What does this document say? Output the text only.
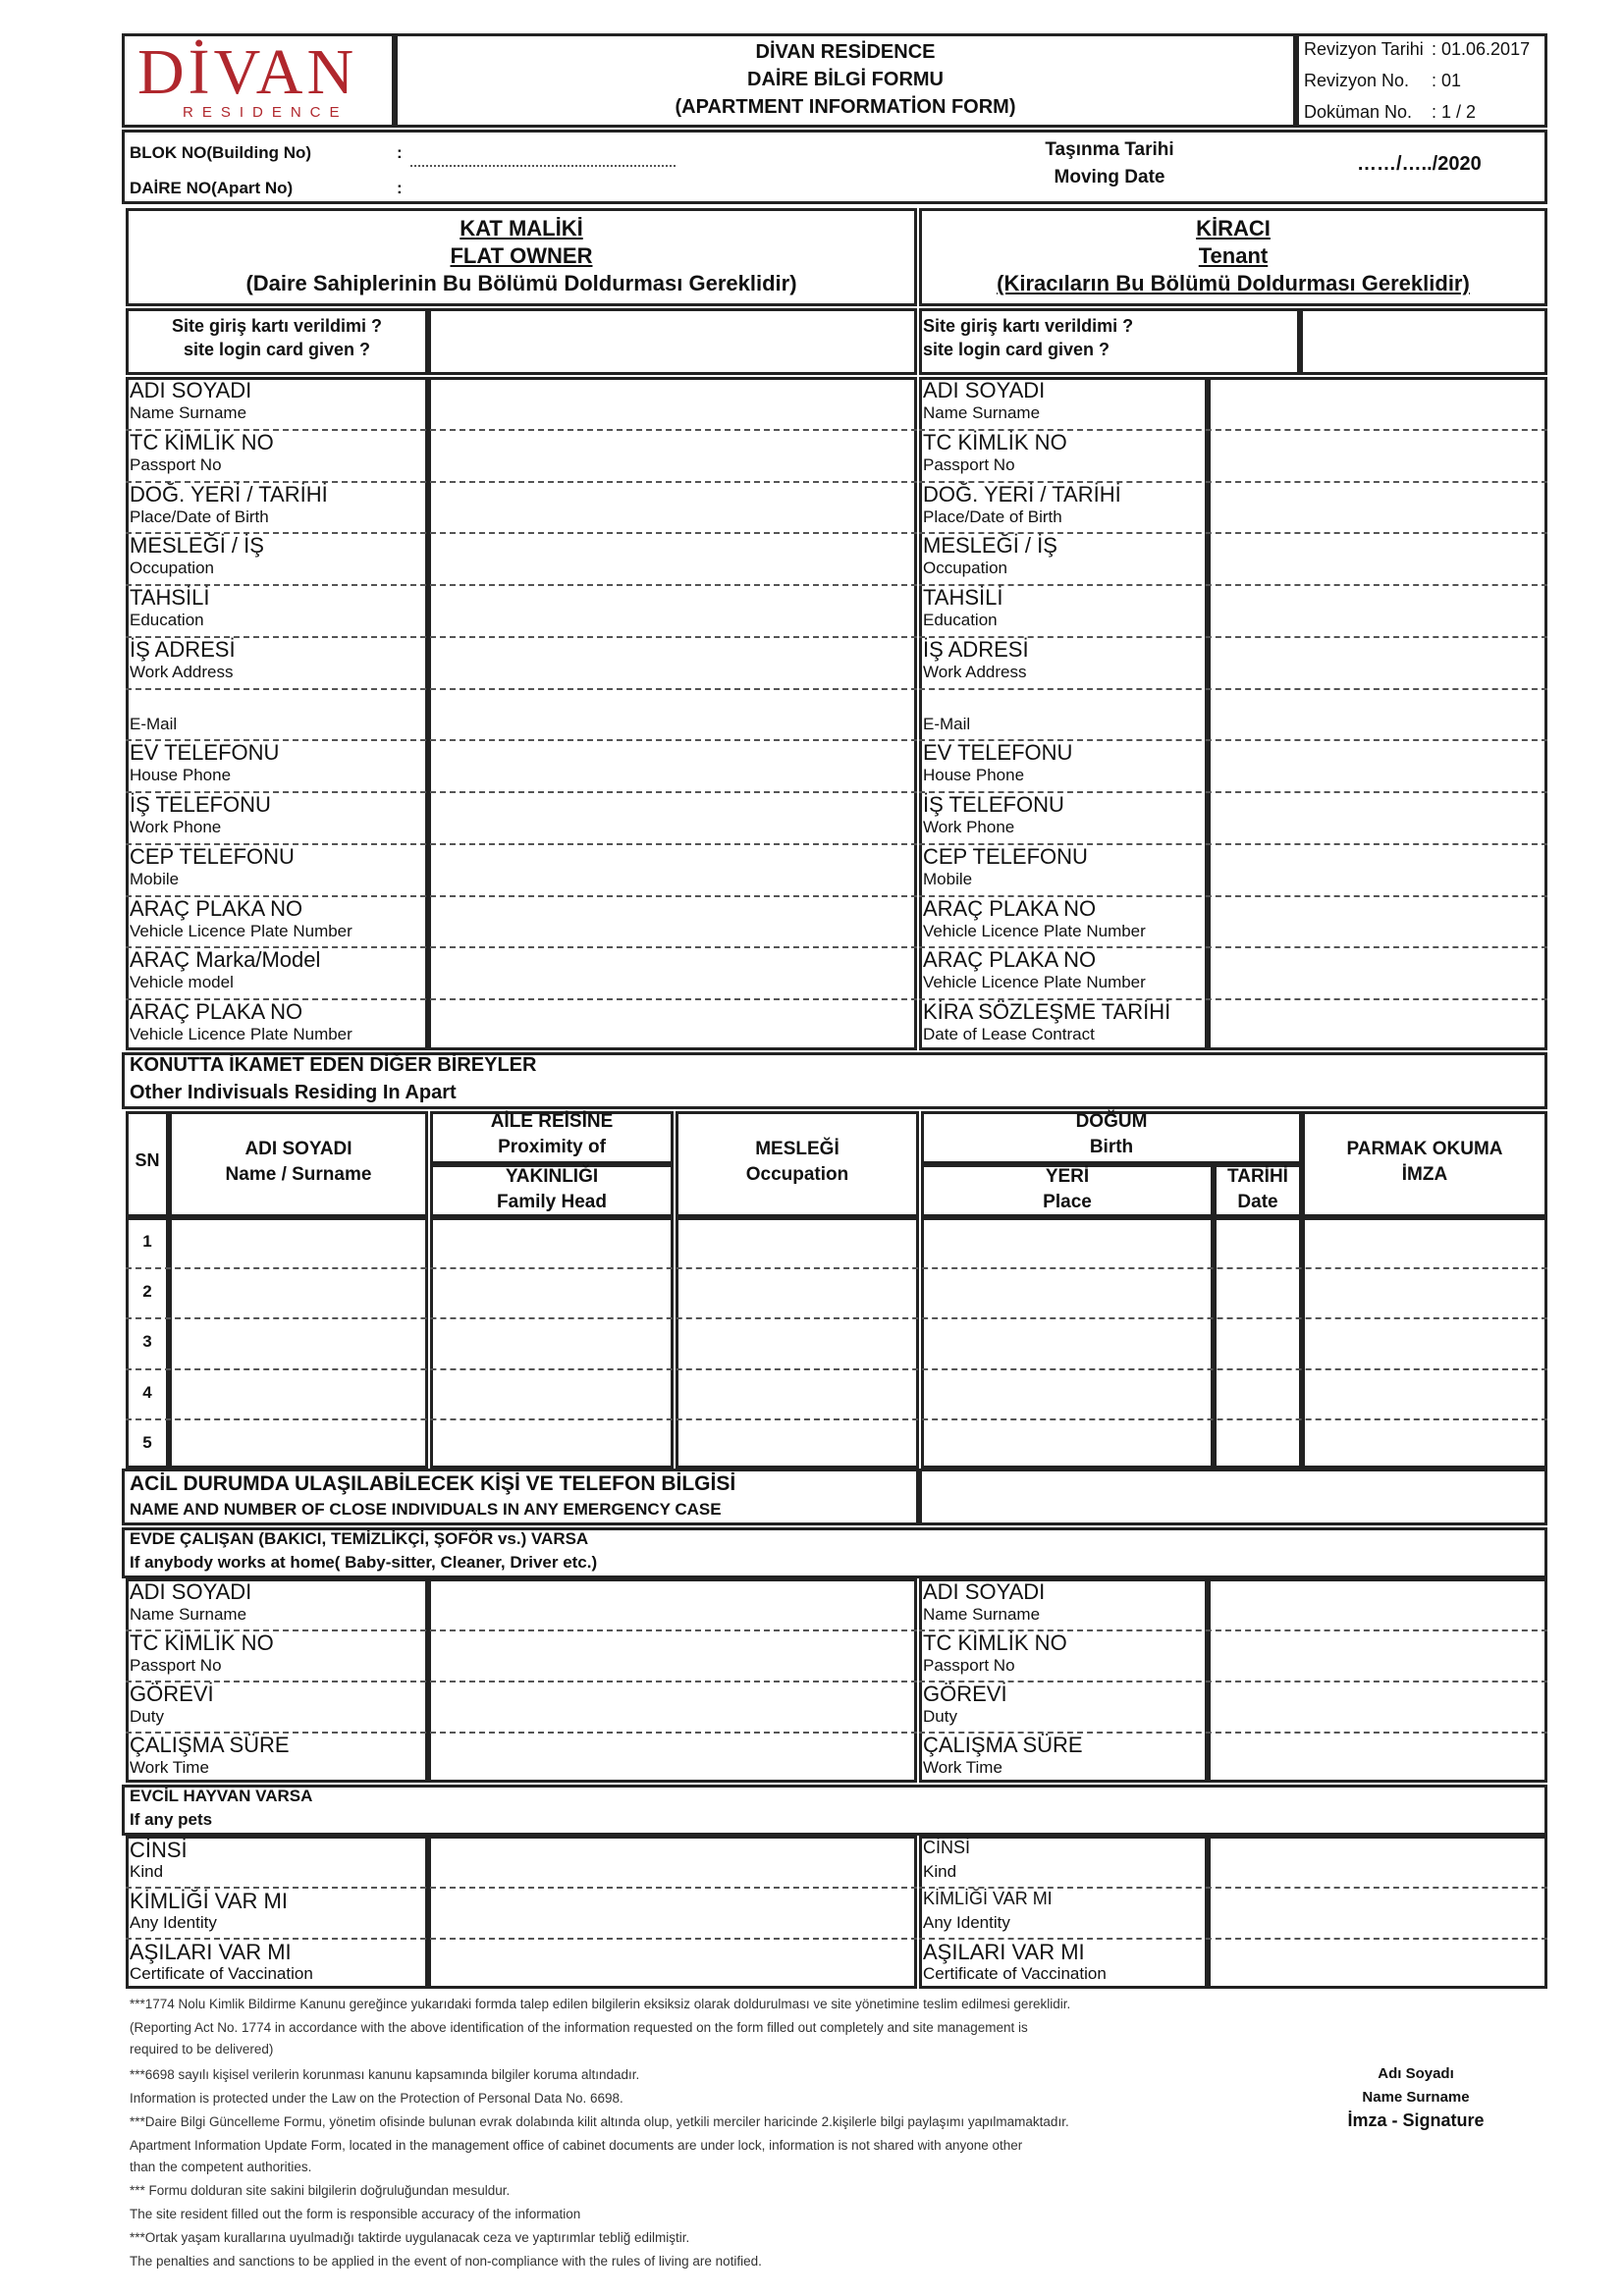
DİVAN
RESIDENCE
DİVAN RESİDENCE
DAİRE BİLGİ FORMU
(APARTMENT INFORMATİON FORM)
Revizyon Tarihi : 01.06.2017
Revizyon No. : 01
Doküman No. : 1 / 2
BLOK NO(Building No)	:
DAİRE NO(Apart No)	:
Taşınma Tarihi
Moving Date
……/…../2020
KAT MALİKİ
FLAT OWNER
(Daire Sahiplerinin Bu Bölümü Doldurması Gereklidir)
KİRACI
Tenant
(Kiracıların Bu Bölümü Doldurması Gereklidir)
Site giriş kartı verildimi ?
site login card given ?
Site giriş kartı verildimi ?
site login card given ?
ADI SOYADI
Name Surname
TC KİMLİK NO
Passport No
DOĞ. YERİ / TARİHİ
Place/Date of Birth
MESLEĞİ / İŞ
Occupation
TAHSİLİ
Education
İŞ ADRESİ
Work Address
E-Mail
EV TELEFONU
House Phone
İŞ TELEFONU
Work Phone
CEP TELEFONU
Mobile
ARAÇ PLAKA NO
Vehicle Licence Plate Number
ARAÇ Marka/Model
Vehicle model
ARAÇ PLAKA NO
Vehicle Licence Plate Number
ADI SOYADI
Name Surname
TC KİMLİK NO
Passport No
DOĞ. YERİ / TARİHİ
Place/Date of Birth
MESLEĞİ / İŞ
Occupation
TAHSİLİ
Education
İŞ ADRESİ
Work Address
E-Mail
EV TELEFONU
House Phone
İŞ TELEFONU
Work Phone
CEP TELEFONU
Mobile
ARAÇ PLAKA NO
Vehicle Licence Plate Number
ARAÇ PLAKA NO
Vehicle Licence Plate Number
KİRA SÖZLEŞME TARİHİ
Date of Lease Contract
KONUTTA İKAMET EDEN DİĞER BİREYLER
Other Indivisuals Residing In Apart
SN
ADI SOYADI
Name / Surname
AİLE REİSİNE
Proximity of
YAKINLIĞI
Family Head
MESLEĞİ
Occupation
DOĞUM
Birth
YERİ
Place
TARİHİ
Date
PARMAK OKUMA
İMZA
1
2
3
4
5
ACİL DURUMDA ULAŞILABİLECEK KİŞİ VE TELEFON BİLGİSİ
NAME AND NUMBER OF CLOSE INDIVIDUALS IN ANY EMERGENCY CASE
EVDE ÇALIŞAN (BAKICI, TEMİZLİKÇİ, ŞOFÖR vs.) VARSA
If anybody works at home( Baby-sitter, Cleaner, Driver etc.)
ADI SOYADI
Name Surname
ADI SOYADI
Name Surname
TC KİMLİK NO
Passport No
TC KİMLİK NO
Passport No
GÖREVİ
Duty
GÖREVİ
Duty
ÇALIŞMA SÜRE
Work Time
ÇALIŞMA SÜRE
Work Time
EVCİL HAYVAN VARSA
If any pets
CİNSİ
Kind
KİMLİĞİ VAR MI
Any Identity
AŞILARI VAR MI
Certificate of Vaccination
CİNSİ
Kind
KİMLİĞİ VAR MI
Any Identity
AŞILARI VAR MI
Certificate of Vaccination
***1774 Nolu Kimlik Bildirme Kanunu gereğince yukarıdaki formda talep edilen bilgilerin eksiksiz olarak doldurulması ve site yönetimine teslim edilmesi gereklidir.
(Reporting Act No. 1774 in accordance with the above identification of the information requested on the form filled out completely and site management is
required to be delivered)
***6698 sayılı kişisel verilerin korunması kanunu kapsamında bilgiler koruma altındadır.
Information is protected under the Law on the Protection of Personal Data No. 6698.
***Daire Bilgi Güncelleme Formu, yönetim ofisinde bulunan evrak dolabında kilit altında olup, yetkili merciler haricinde 2.kişilerle bilgi paylaşımı yapılmamaktadır.
Apartment Information Update Form, located in the management office of cabinet documents are under lock, information is not shared with anyone other
than the competent authorities.
*** Formu dolduran site sakini bilgilerin doğruluğundan mesuldur.
The site resident filled out the form is responsible accuracy of the information
***Ortak yaşam kurallarına uyulmadığı taktirde uygulanacak ceza ve yaptırımlar tebliğ edilmiştir.
The penalties and sanctions to be applied in the event of non-compliance with the rules of living are notified.
Adı Soyadı
Name Surname
İmza - Signature
